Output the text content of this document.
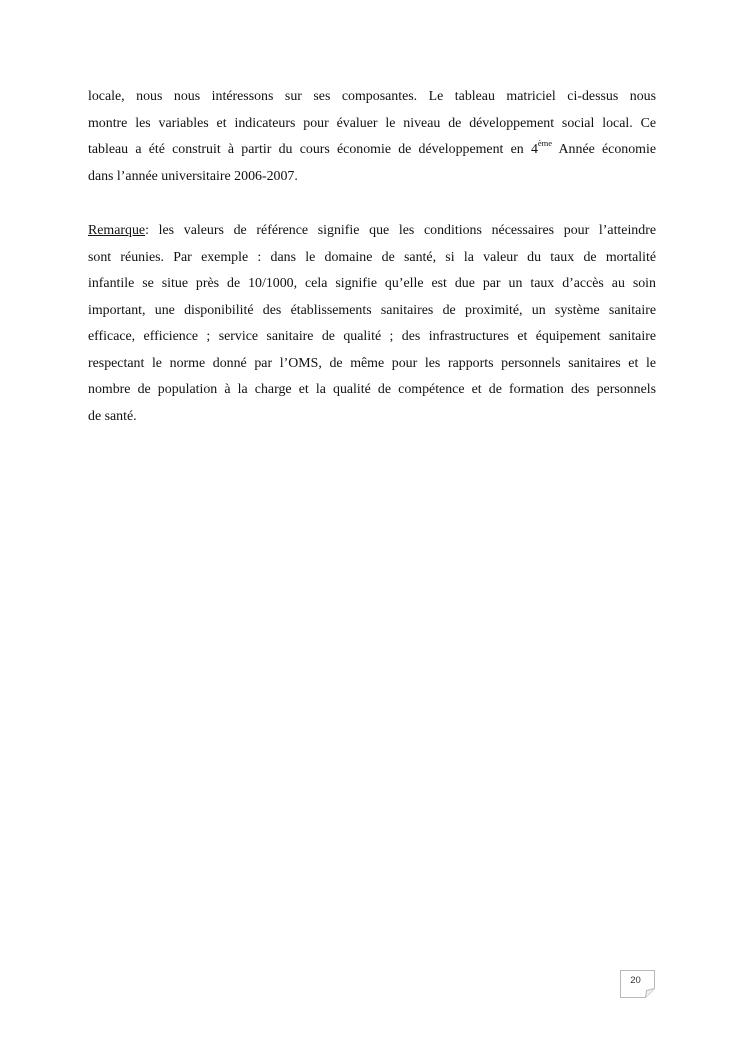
locale, nous nous intéressons sur ses composantes. Le tableau matriciel ci-dessus nous
montre les variables et indicateurs pour évaluer le niveau de développement social local. Ce
tableau a été construit à partir du cours économie de développement en 4ème Année économie
dans l’année universitaire 2006-2007.
Remarque: les valeurs de référence signifie que les conditions nécessaires pour l’atteindre
sont réunies. Par exemple : dans le domaine de santé, si la valeur du taux de mortalité
infantile se situe près de 10/1000, cela signifie qu’elle est due par un taux d’accès au soin
important, une disponibilité des établissements sanitaires de proximité, un système sanitaire
efficace, efficience ; service sanitaire de qualité ; des infrastructures et équipement sanitaire
respectant le norme donné par l’OMS, de même pour les rapports personnels sanitaires et le
nombre de population à la charge et la qualité de compétence et de formation des personnels
de santé.
20
